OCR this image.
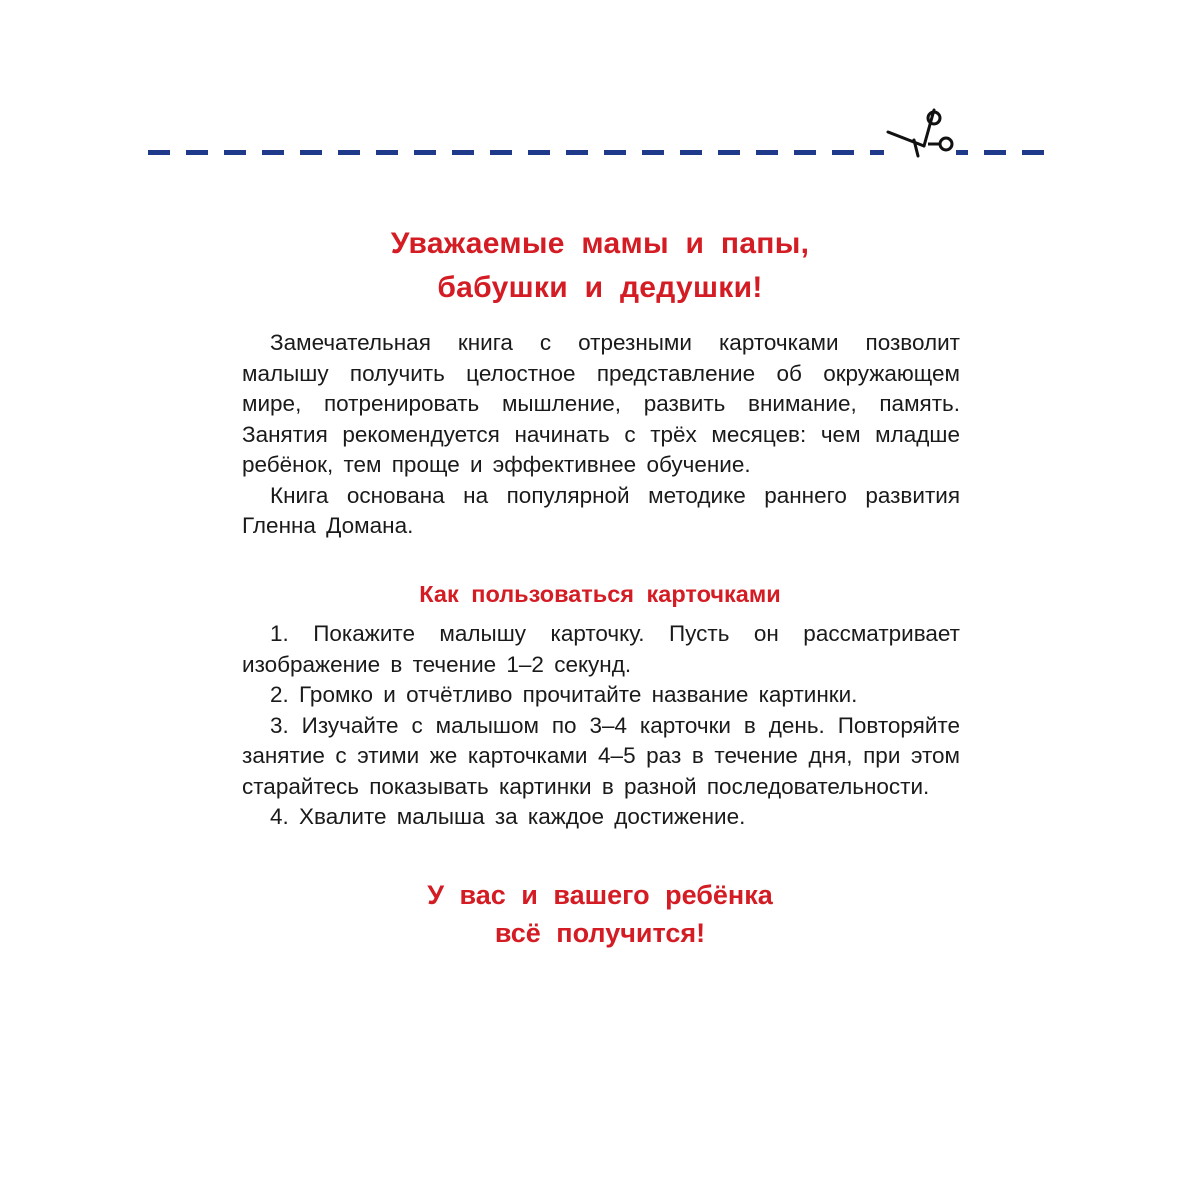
Уважаемые мамы и папы,
бабушки и дедушки!

Замечательная книга с отрезными карточками позволит малышу получить целостное представление об окружающем мире, потренировать мышление, развить внимание, память. Занятия рекомендуется начинать с трёх месяцев: чем младше ребёнок, тем проще и эффективнее обучение.

Книга основана на популярной методике раннего развития Гленна Домана.

Как пользоваться карточками

1. Покажите малышу карточку. Пусть он рассматривает изображение в течение 1–2 секунд.

2. Громко и отчётливо прочитайте название картинки.

3. Изучайте с малышом по 3–4 карточки в день. Повторяйте занятие с этими же карточками 4–5 раз в течение дня, при этом старайтесь показывать картинки в разной последовательности.

4. Хвалите малыша за каждое достижение.

У вас и вашего ребёнка
всё получится!
